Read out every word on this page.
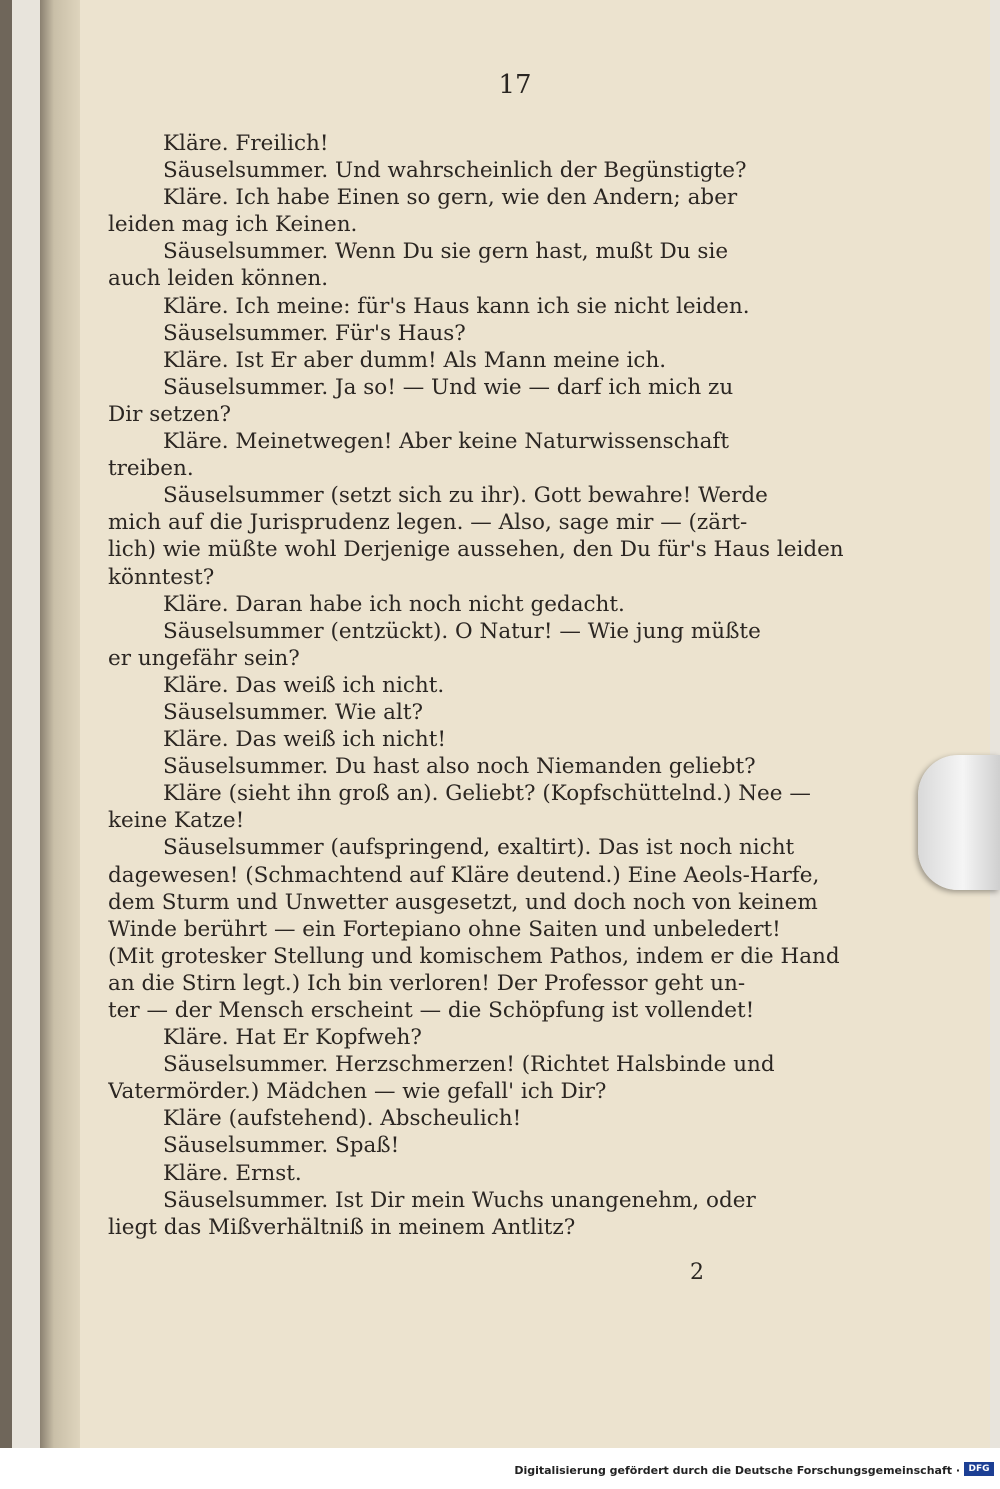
17
Kläre. Freilich!
Säuselsummer. Und wahrscheinlich der Begünstigte?
Kläre. Ich habe Einen so gern, wie den Andern; aber
leiden mag ich Keinen.
Säuselsummer. Wenn Du sie gern hast, mußt Du sie
auch leiden können.
Kläre. Ich meine: für's Haus kann ich sie nicht leiden.
Säuselsummer. Für's Haus?
Kläre. Ist Er aber dumm! Als Mann meine ich.
Säuselsummer. Ja so! — Und wie — darf ich mich zu
Dir setzen?
Kläre. Meinetwegen! Aber keine Naturwissenschaft
treiben.
Säuselsummer (setzt sich zu ihr). Gott bewahre! Werde
mich auf die Jurisprudenz legen. — Also, sage mir — (zärt-
lich) wie müßte wohl Derjenige aussehen, den Du für's Haus leiden
könntest?
Kläre. Daran habe ich noch nicht gedacht.
Säuselsummer (entzückt). O Natur! — Wie jung müßte
er ungefähr sein?
Kläre. Das weiß ich nicht.
Säuselsummer. Wie alt?
Kläre. Das weiß ich nicht!
Säuselsummer. Du hast also noch Niemanden geliebt?
Kläre (sieht ihn groß an). Geliebt? (Kopfschüttelnd.) Nee —
keine Katze!
Säuselsummer (aufspringend, exaltirt). Das ist noch nicht
dagewesen! (Schmachtend auf Kläre deutend.) Eine Aeols-Harfe,
dem Sturm und Unwetter ausgesetzt, und doch noch von keinem
Winde berührt — ein Fortepiano ohne Saiten und unbeledert!
(Mit grotesker Stellung und komischem Pathos, indem er die Hand
an die Stirn legt.) Ich bin verloren! Der Professor geht un-
ter — der Mensch erscheint — die Schöpfung ist vollendet!
Kläre. Hat Er Kopfweh?
Säuselsummer. Herzschmerzen! (Richtet Halsbinde und
Vatermörder.) Mädchen — wie gefall' ich Dir?
Kläre (aufstehend). Abscheulich!
Säuselsummer. Spaß!
Kläre. Ernst.
Säuselsummer. Ist Dir mein Wuchs unangenehm, oder
liegt das Mißverhältniß in meinem Antlitz?
2
Digitalisierung gefördert durch die Deutsche Forschungsgemeinschaft · DFG
